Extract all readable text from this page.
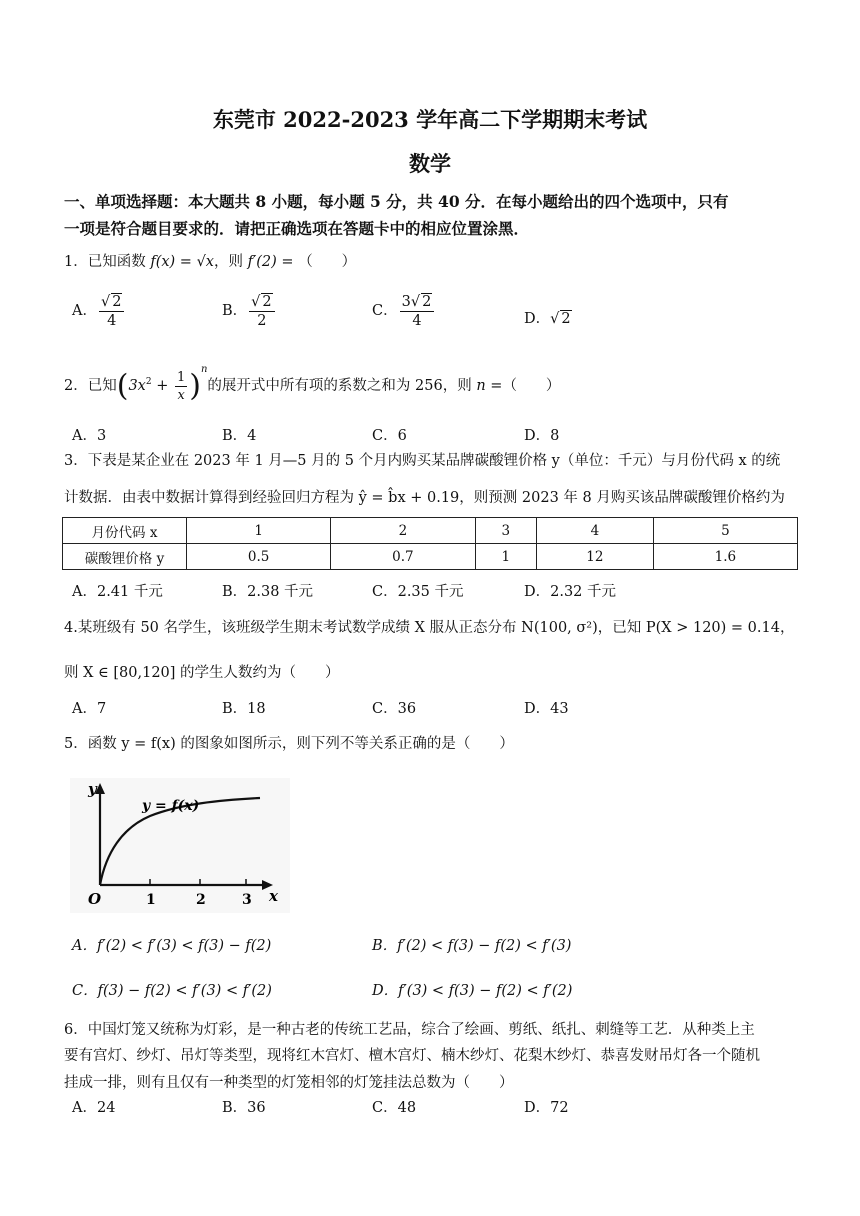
东莞市 2022-2023 学年高二下学期期末考试
数学
一、单项选择题：本大题共 8 小题，每小题 5 分，共 40 分．在每小题给出的四个选项中，只有
一项是符合题目要求的．请把正确选项在答题卡中的相应位置涂黑．
1．已知函数 f(x) = √x，则 f′(2) = （　　）
A． $\frac{√ 2}{4}$	B． $\frac{√ 2}{2}$	C． $\frac{3√ 2}{4}$	D．√ 2
2．已知$(3x^2 + \frac{1}{x} )^n$的展开式中所有项的系数之和为 256，则 n =（　　）
A．3	B．4	C．6	D．8
3．下表是某企业在 2023 年 1 月—5 月的 5 个月内购买某品牌碳酸锂价格 y（单位：千元）与月份代码 x 的统
计数据．由表中数据计算得到经验回归方程为 ŷ = b̂x + 0.19，则预测 2023 年 8 月购买该品牌碳酸锂价格约为
月份代码 x	1	2	3	4	5
碳酸锂价格 y	0.5	0.7	1	12	1.6
A．2.41 千元	B．2.38 千元	C．2.35 千元	D．2.32 千元
4.某班级有 50 名学生，该班级学生期末考试数学成绩 X 服从正态分布 N(100, σ²)，已知 P(X > 120) = 0.14，
则 X ∈ [80,120] 的学生人数约为（　　）
A．7	B．18	C．36	D．43
5．函数 y = f(x) 的图象如图所示，则下列不等关系正确的是（　　）
y
x
y = f(x)
O	1	2	3
A．f′(2) < f′(3) < f(3) − f(2)	B．f′(2) < f(3) − f(2) < f′(3)
C．f(3) − f(2) < f′(3) < f′(2)	D．f′(3) < f(3) − f(2) < f′(2)
6．中国灯笼又统称为灯彩，是一种古老的传统工艺品，综合了绘画、剪纸、纸扎、刺缝等工艺．从种类上主
要有宫灯、纱灯、吊灯等类型，现将红木宫灯、檀木宫灯、楠木纱灯、花梨木纱灯、恭喜发财吊灯各一个随机
挂成一排，则有且仅有一种类型的灯笼相邻的灯笼挂法总数为（　　）
A．24	B．36	C．48	D．72
